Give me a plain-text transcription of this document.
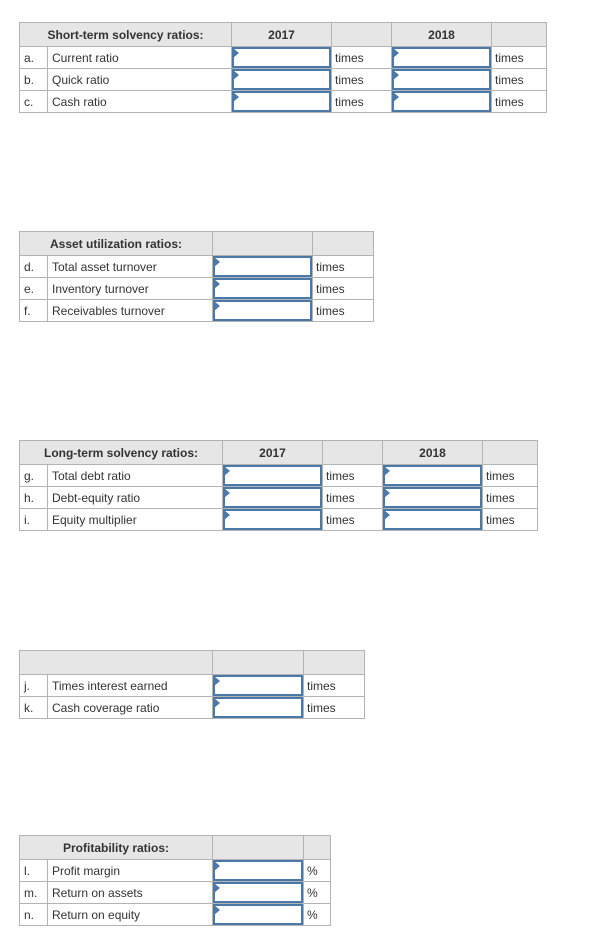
Short-term solvency ratios:		2017		2018	
a.	Current ratio		times		times
b.	Quick ratio		times		times
c.	Cash ratio		times		times
Asset utilization ratios:			
d.	Total asset turnover		times
e.	Inventory turnover		times
f.	Receivables turnover		times
Long-term solvency ratios:		2017		2018	
g.	Total debt ratio		times		times
h.	Debt-equity ratio		times		times
i.	Equity multiplier		times		times

j.	Times interest earned		times
k.	Cash coverage ratio		times
Profitability ratios:			
l.	Profit margin		%
m.	Return on assets		%
n.	Return on equity		%
